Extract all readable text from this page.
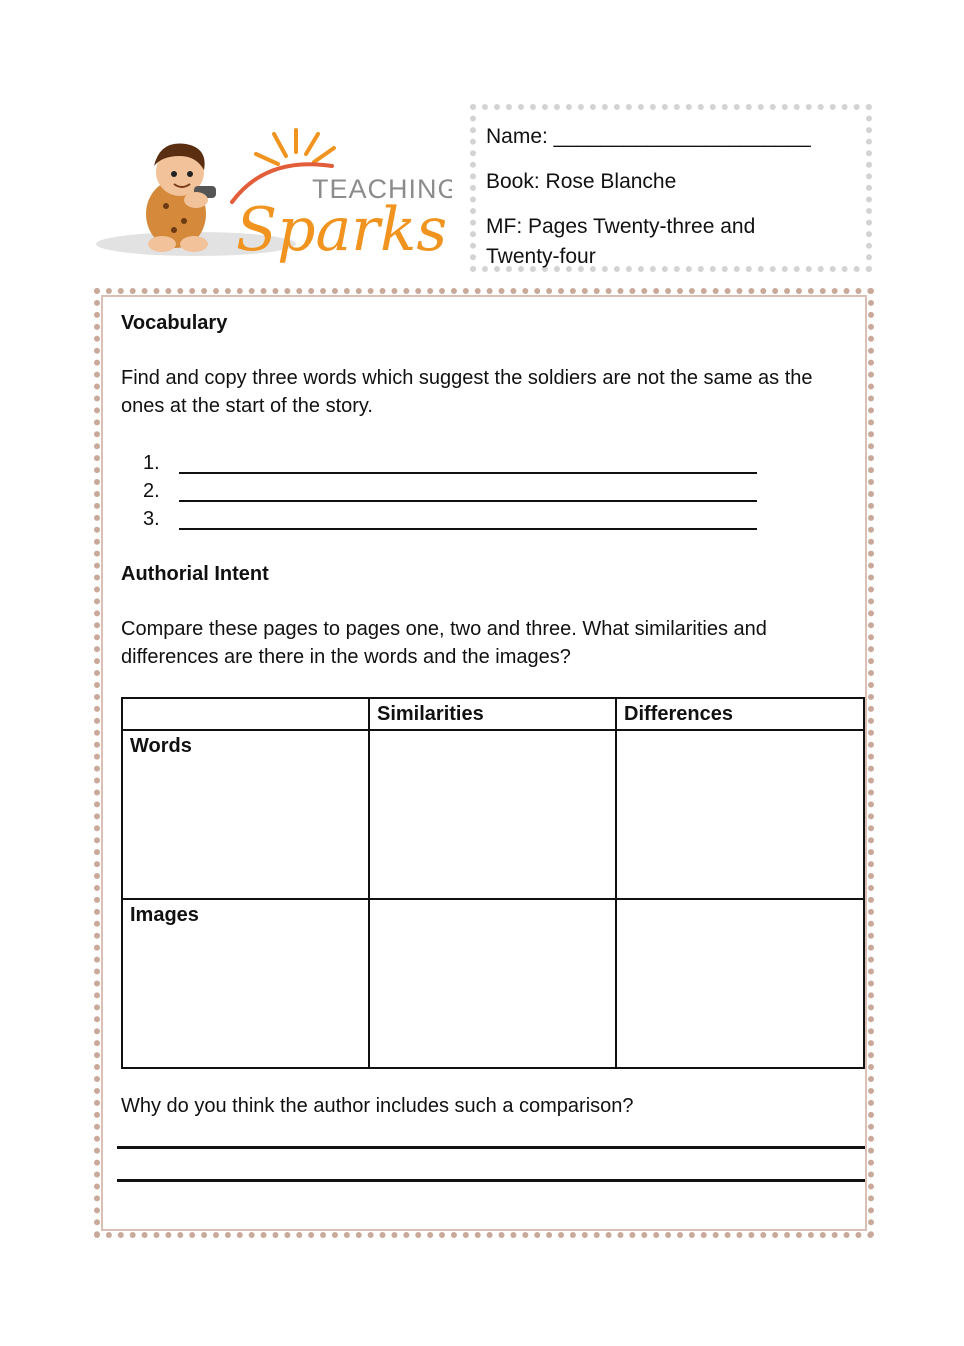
TEACHING
Sparks
Name: ______________________
Book: Rose Blanche
MF: Pages Twenty-three and Twenty-four
Vocabulary
Find and copy three words which suggest the soldiers are not the same as the ones at the start of the story.
1.
2.
3.
Authorial Intent
Compare these pages to pages one, two and three. What similarities and differences are there in the words and the images?
	Similarities	Differences
Words		
Images		
Why do you think the author includes such a comparison?
